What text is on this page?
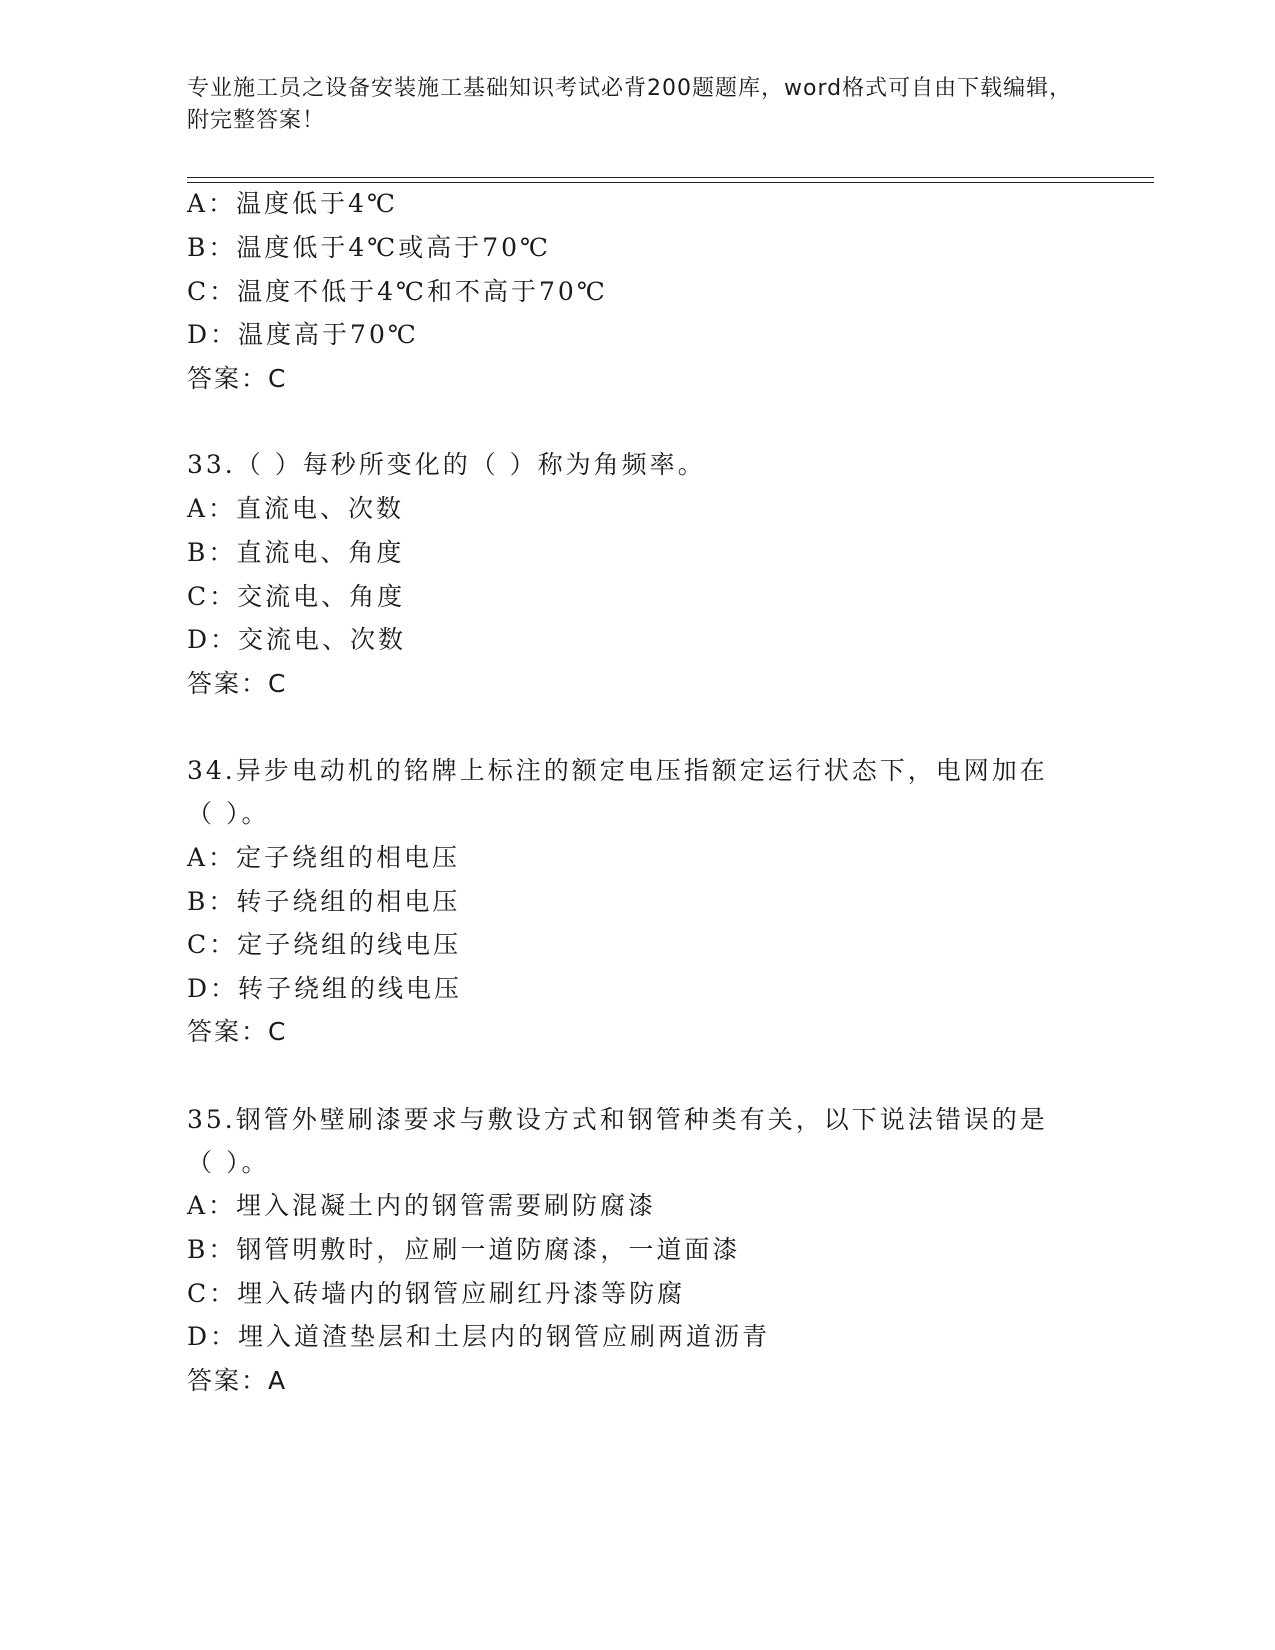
专业施工员之设备安装施工基础知识考试必背200题题库，word格式可自由下载编辑，附完整答案！
A：温度低于4℃
B：温度低于4℃或高于70℃
C：温度不低于4℃和不高于70℃
D：温度高于70℃
答案：C
33.（ ）每秒所变化的（ ）称为角频率。
A：直流电、次数
B：直流电、角度
C：交流电、角度
D：交流电、次数
答案：C
34.异步电动机的铭牌上标注的额定电压指额定运行状态下，电网加在
（ ）。
A：定子绕组的相电压
B：转子绕组的相电压
C：定子绕组的线电压
D：转子绕组的线电压
答案：C
35.钢管外壁刷漆要求与敷设方式和钢管种类有关，以下说法错误的是
（ ）。
A：埋入混凝土内的钢管需要刷防腐漆
B：钢管明敷时，应刷一道防腐漆，一道面漆
C：埋入砖墙内的钢管应刷红丹漆等防腐
D：埋入道渣垫层和土层内的钢管应刷两道沥青
答案：A
